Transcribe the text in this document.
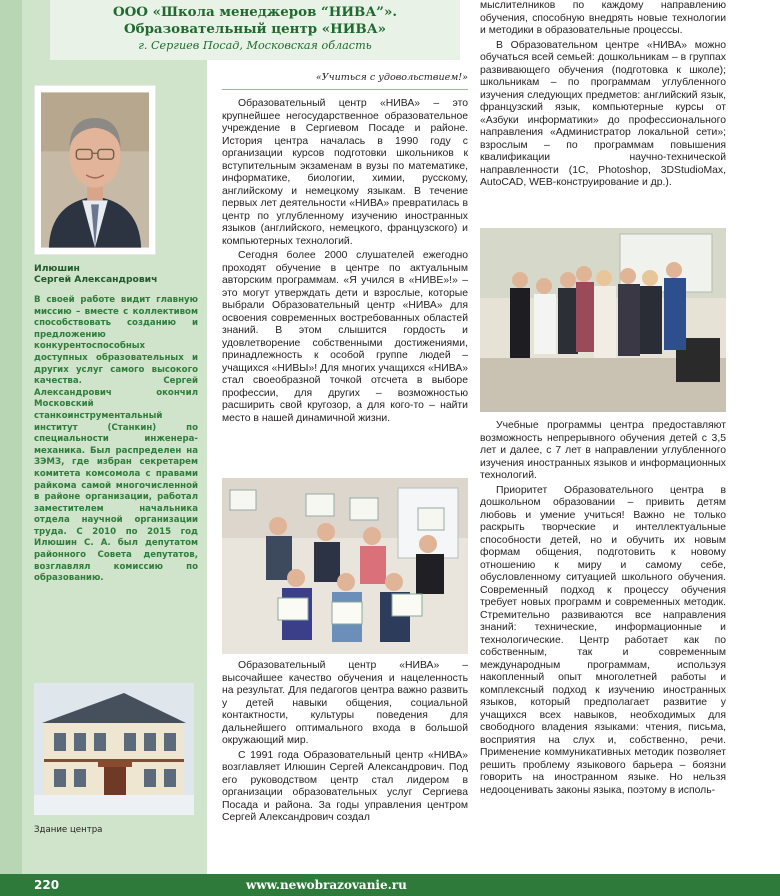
ООО «Школа менеджеров “НИВА”».
Образовательный центр «НИВА»
г. Сергиев Посад, Московская область
Илюшин
Сергей Александрович
В своей работе видит главную миссию – вместе с коллективом способствовать созданию и предложению конкурентоспособных доступных образовательных и других услуг самого высокого качества. Сергей Александрович окончил Московский станкоинструментальный институт (Станкин) по специальности инженера-механика. Был распределен на ЗЭМЗ, где избран секретарем комитета комсомола с правами райкома самой многочисленной в районе организации, работал заместителем начальника отдела научной организации труда. С 2010 по 2015 год Илюшин С. А. был депутатом районного Совета депутатов, возглавлял комиссию по образованию.
Здание центра
«Учиться с удовольствием!»

Образовательный центр «НИВА» – это крупнейшее негосударственное образовательное учреждение в Сергиевом Посаде и районе. История центра началась в 1990 году с организации курсов подготовки школьников к вступительным экзаменам в вузы по математике, информатике, биологии, химии, русскому, английскому и немецкому языкам. В течение первых лет деятельности «НИВА» превратилась в центр по углубленному изучению иностранных языков (английского, немецкого, французского) и компьютерных технологий.

Сегодня более 2000 слушателей ежегодно проходят обучение в центре по актуальным авторским программам. «Я учился в «НИВЕ»!» – это могут утверждать дети и взрослые, которые выбрали Образовательный центр «НИВА» для освоения современных востребованных областей знаний. В этом слышится гордость и удовлетворение собственными достижениями, принадлежность к особой группе людей – учащихся «НИВЫ»! Для многих учащихся «НИВА» стал своеобразной точкой отсчета в выборе профессии, для других – возможностью расширить свой кругозор, а для кого-то – найти место в нашей динамичной жизни.

Образовательный центр «НИВА» – высочайшее качество обучения и нацеленность на результат. Для педагогов центра важно развить у детей навыки общения, социальной контактности, культуры поведения для дальнейшего оптимального входа в большой окружающий мир.

С 1991 года Образовательный центр «НИВА» возглавляет Илюшин Сергей Александрович. Под его руководством центр стал лидером в организации образовательных услуг Сергиева Посада и района. За годы управления центром Сергей Александрович создал

мыслителников по каждому направлению обучения, способную внедрять новые технологии и методики в образовательные процессы.

В Образовательном центре «НИВА» можно обучаться всей семьей: дошкольникам – в группах развивающего обучения (подготовка к школе); школьникам – по программам углубленного изучения следующих предметов: английский язык, французский язык, компьютерные курсы от «Азбуки информатики» до профессионального направления «Администратор локальной сети»; взрослым – по программам повышения квалификации научно-технической направленности (1С, Photoshop, 3DStudioMax, AutoCAD, WEB-конструирование и др.).

Учебные программы центра предоставляют возможность непрерывного обучения детей с 3,5 лет и далее, с 7 лет в направлении углубленного изучения иностранных языков и информационных технологий.

Приоритет Образовательного центра в дошкольном образовании – привить детям любовь и умение учиться! Важно не только раскрыть творческие и интеллектуальные способности детей, но и обучить их новым формам общения, подготовить к новому отношению к миру и самому себе, обусловленному ситуацией школьного обучения. Современный подход к процессу обучения требует новых программ и современных методик. Стремительно развиваются все направления знаний: технические, информационные и технологические. Центр работает как по собственным, так и современным международным программам, используя накопленный опыт многолетней работы и комплексный подход к изучению иностранных языков, который предполагает развитие у учащихся всех навыков, необходимых для свободного владения языками: чтения, письма, восприятия на слух и, собственно, речи. Применение коммуникативных методик позволяет решить проблему языкового барьера – боязни говорить на иностранном языке. Но нельзя недооценивать законы языка, поэтому в исполь-

220	www.newobrazovanie.ru
